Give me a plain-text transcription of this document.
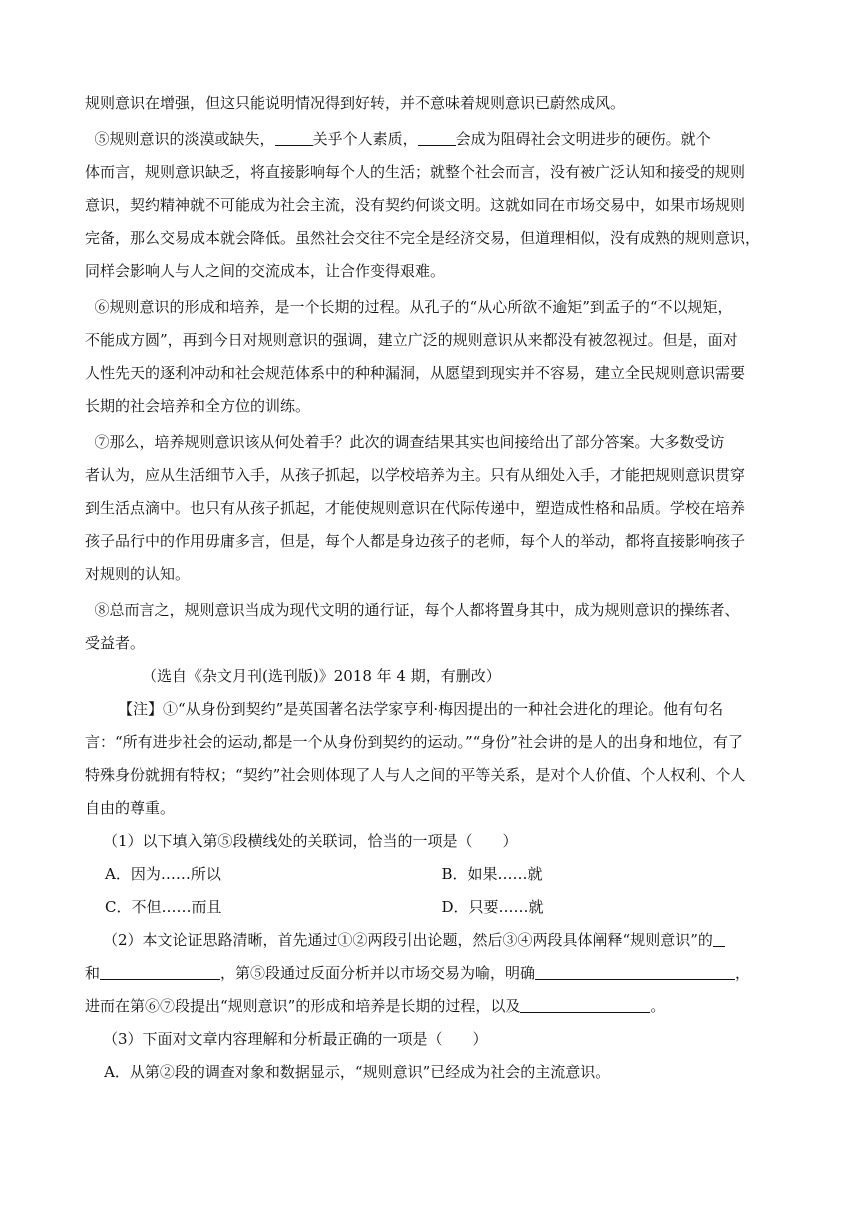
规则意识在增强，但这只能说明情况得到好转，并不意味着规则意识已蔚然成风。
⑤规则意识的淡漠或缺失，	关乎个人素质，	会成为阻碍社会文明进步的硬伤。就个
体而言，规则意识缺乏，将直接影响每个人的生活；就整个社会而言，没有被广泛认知和接受的规则
意识，契约精神就不可能成为社会主流，没有契约何谈文明。这就如同在市场交易中，如果市场规则
完备，那么交易成本就会降低。虽然社会交往不完全是经济交易，但道理相似，没有成熟的规则意识，
同样会影响人与人之间的交流成本，让合作变得艰难。
⑥规则意识的形成和培养，是一个长期的过程。从孔子的“从心所欲不逾矩”到孟子的“不以规矩，
不能成方圆”，再到今日对规则意识的强调，建立广泛的规则意识从来都没有被忽视过。但是，面对
人性先天的逐利冲动和社会规范体系中的种种漏洞，从愿望到现实并不容易，建立全民规则意识需要
长期的社会培养和全方位的训练。
⑦那么，培养规则意识该从何处着手？此次的调查结果其实也间接给出了部分答案。大多数受访
者认为，应从生活细节入手，从孩子抓起，以学校培养为主。只有从细处入手，才能把规则意识贯穿
到生活点滴中。也只有从孩子抓起，才能使规则意识在代际传递中，塑造成性格和品质。学校在培养
孩子品行中的作用毋庸多言，但是，每个人都是身边孩子的老师，每个人的举动，都将直接影响孩子
对规则的认知。
⑧总而言之，规则意识当成为现代文明的通行证，每个人都将置身其中，成为规则意识的操练者、
受益者。
（选自《杂文月刊(选刊版)》2018 年 4 期，有删改）
【注】①“从身份到契约”是英国著名法学家亨利·梅因提出的一种社会进化的理论。他有句名
言：“所有进步社会的运动,都是一个从身份到契约的运动。”“身份”社会讲的是人的出身和地位，有了
特殊身份就拥有特权；“契约”社会则体现了人与人之间的平等关系，是对个人价值、个人权利、个人
自由的尊重。
（1）以下填入第⑤段横线处的关联词，恰当的一项是（　　）
A．因为……所以	B．如果……就
C．不但……而且	D．只要……就
（2）本文论证思路清晰，首先通过①②两段引出论题，然后③④两段具体阐释“规则意识”的
和	，第⑤段通过反面分析并以市场交易为喻，明确	，
进而在第⑥⑦段提出“规则意识”的形成和培养是长期的过程，以及	。
（3）下面对文章内容理解和分析最正确的一项是（　　）
A．从第②段的调查对象和数据显示，“规则意识”已经成为社会的主流意识。
